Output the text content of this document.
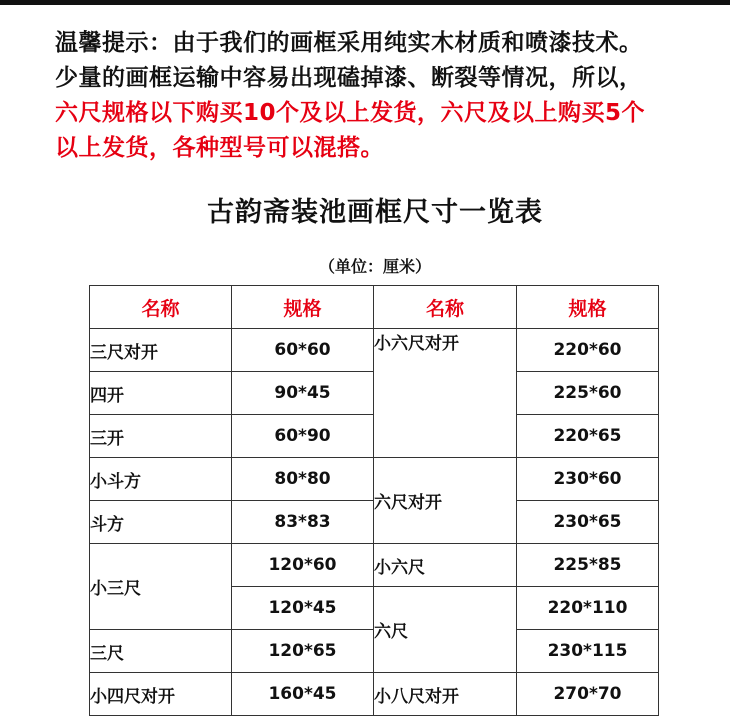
温馨提示：由于我们的画框采用纯实木材质和喷漆技术。
少量的画框运输中容易出现磕掉漆、断裂等情况，所以，
六尺规格以下购买10个及以上发货，六尺及以上购买5个
以上发货，各种型号可以混搭。
古韵斋装池画框尺寸一览表
（单位：厘米）
名称	规格	名称	规格
三尺对开	60*60	小六尺对开	220*60
四开	90*45		225*60
三开	60*90		220*65
小斗方	80*80	六尺对开	230*60
斗方	83*83		230*65
小三尺	120*60	小六尺	225*85
	120*45	六尺	220*110
三尺	120*65		230*115
小四尺对开	160*45	小八尺对开	270*70
